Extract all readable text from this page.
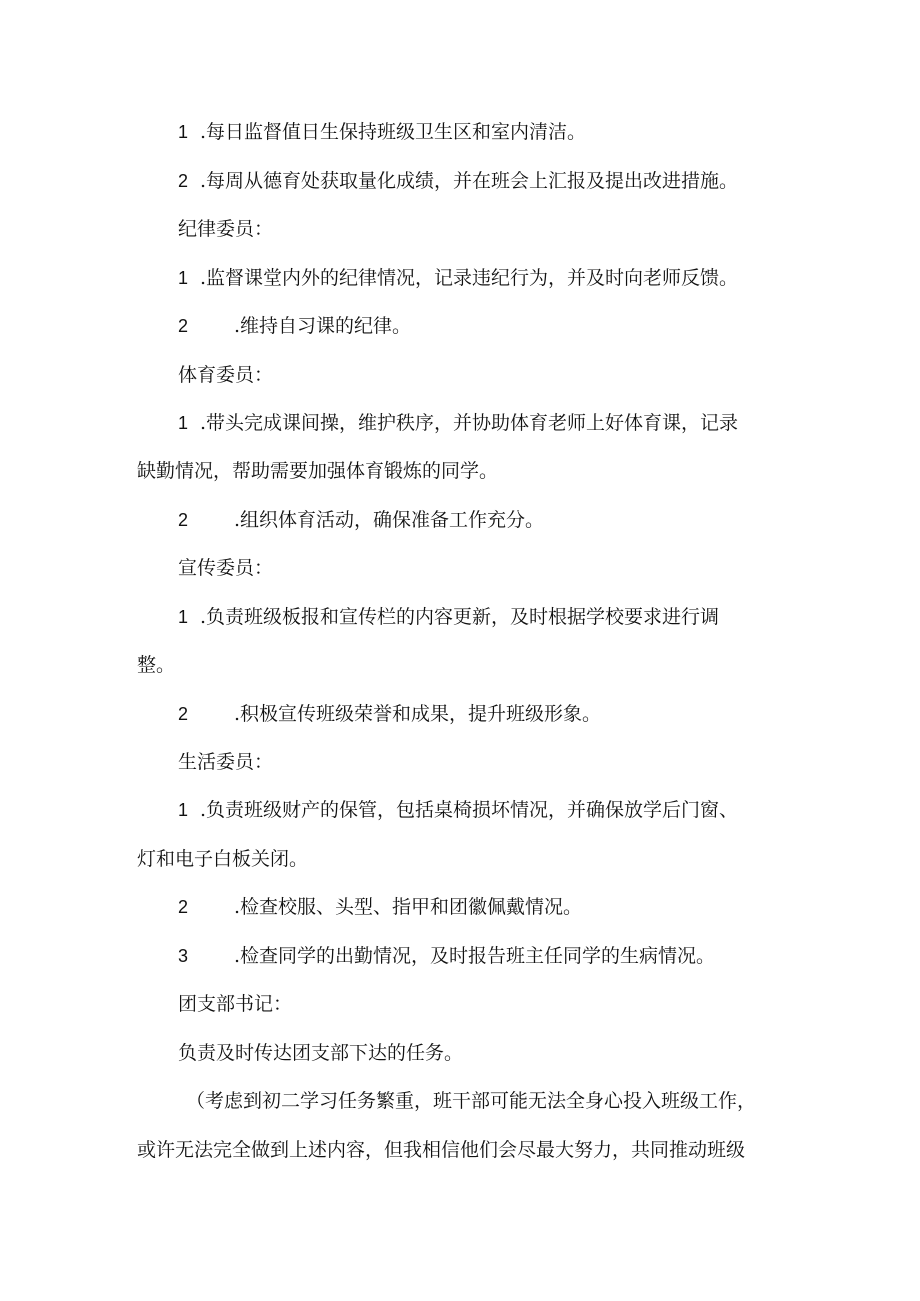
1 .每日监督值日生保持班级卫生区和室内清洁。
2 .每周从德育处获取量化成绩，并在班会上汇报及提出改进措施。
纪律委员：
1 .监督课堂内外的纪律情况，记录违纪行为，并及时向老师反馈。
2 .维持自习课的纪律。
体育委员：
1 .带头完成课间操，维护秩序，并协助体育老师上好体育课，记录
缺勤情况，帮助需要加强体育锻炼的同学。
2 .组织体育活动，确保准备工作充分。
宣传委员：
1 .负责班级板报和宣传栏的内容更新，及时根据学校要求进行调
整。
2 .积极宣传班级荣誉和成果，提升班级形象。
生活委员：
1 .负责班级财产的保管，包括桌椅损坏情况，并确保放学后门窗、
灯和电子白板关闭。
2 .检查校服、头型、指甲和团徽佩戴情况。
3 .检查同学的出勤情况，及时报告班主任同学的生病情况。
团支部书记：
负责及时传达团支部下达的任务。
（考虑到初二学习任务繁重，班干部可能无法全身心投入班级工作，
或许无法完全做到上述内容，但我相信他们会尽最大努力，共同推动班级
